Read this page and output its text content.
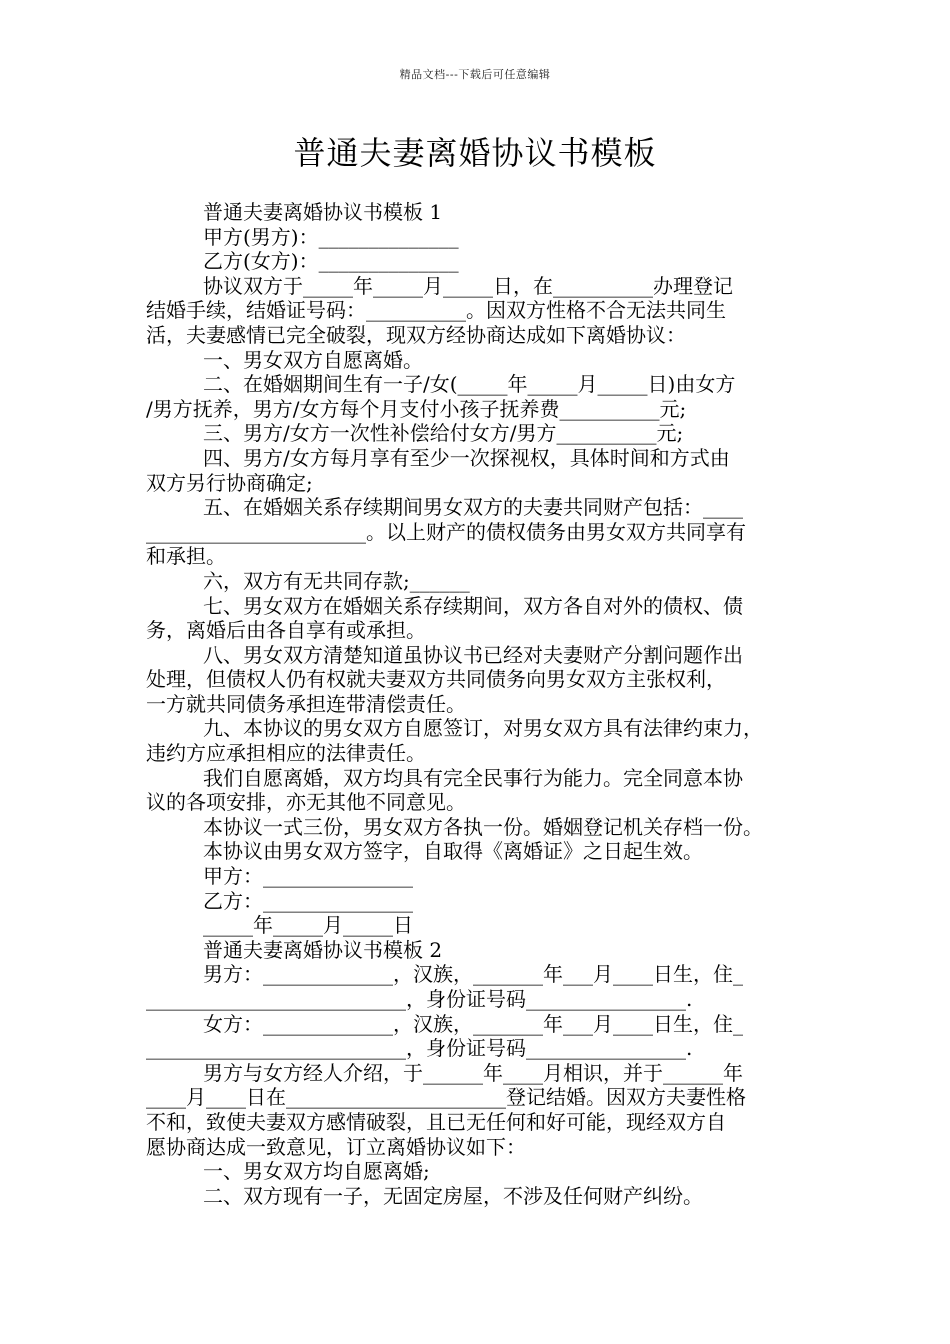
精品文档---下载后可任意编辑
普通夫妻离婚协议书模板
普通夫妻离婚协议书模板 1
甲方(男方)：______________
乙方(女方)：______________
协议双方于_____年_____月_____日，在__________办理登记
结婚手续，结婚证号码：__________。因双方性格不合无法共同生
活，夫妻感情已完全破裂，现双方经协商达成如下离婚协议：
一、男女双方自愿离婚。
二、在婚姻期间生有一子/女(_____年_____月_____日)由女方
/男方抚养，男方/女方每个月支付小孩子抚养费__________元;
三、男方/女方一次性补偿给付女方/男方__________元;
四、男方/女方每月享有至少一次探视权，具体时间和方式由
双方另行协商确定;
五、在婚姻关系存续期间男女双方的夫妻共同财产包括：____
______________________。以上财产的债权债务由男女双方共同享有
和承担。
六，双方有无共同存款;______
七、男女双方在婚姻关系存续期间，双方各自对外的债权、债
务，离婚后由各自享有或承担。
八、男女双方清楚知道虽协议书已经对夫妻财产分割问题作出
处理，但债权人仍有权就夫妻双方共同债务向男女双方主张权利，
一方就共同债务承担连带清偿责任。
九、本协议的男女双方自愿签订，对男女双方具有法律约束力，
违约方应承担相应的法律责任。
我们自愿离婚，双方均具有完全民事行为能力。完全同意本协
议的各项安排，亦无其他不同意见。
本协议一式三份，男女双方各执一份。婚姻登记机关存档一份。
本协议由男女双方签字，自取得《离婚证》之日起生效。
甲方：_______________
乙方：_______________
_____年_____月_____日
普通夫妻离婚协议书模板 2
男方：_____________，汉族，_______年___月____日生，住_
__________________________，身份证号码________________.
女方：_____________，汉族，_______年___月____日生，住_
__________________________，身份证号码________________.
男方与女方经人介绍，于______年____月相识，并于______年
____月____日在______________________登记结婚。因双方夫妻性格
不和，致使夫妻双方感情破裂，且已无任何和好可能，现经双方自
愿协商达成一致意见，订立离婚协议如下：
一、男女双方均自愿离婚;
二、双方现有一子，无固定房屋，不涉及任何财产纠纷。
